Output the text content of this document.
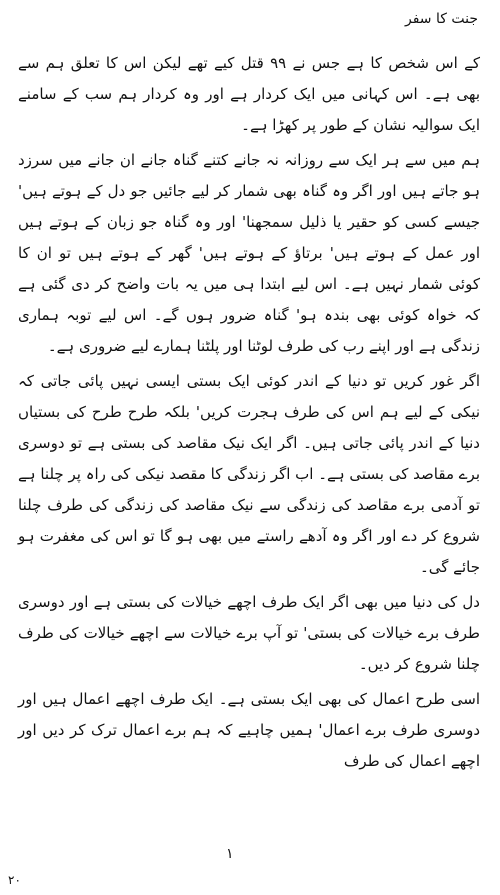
جنت کا سفر

کے اس شخص کا ہے جس نے ۹۹ قتل کیے تھے لیکن اس کا تعلق ہم سے بھی ہے۔ اس کہانی میں ایک کردار ہے اور وہ کردار ہم سب کے سامنے ایک سوالیہ نشان کے طور پر کھڑا ہے۔

ہم میں سے ہر ایک سے روزانہ نہ جانے کتنے گناہ جانے ان جانے میں سرزد ہو جاتے ہیں اور اگر وہ گناہ بھی شمار کر لیے جائیں جو دل کے ہوتے ہیں' جیسے کسی کو حقیر یا ذلیل سمجھنا' اور وہ گناہ جو زبان کے ہوتے ہیں اور عمل کے ہوتے ہیں' برتاؤ کے ہوتے ہیں' گھر کے ہوتے ہیں تو ان کا کوئی شمار نہیں ہے۔ اس لیے ابتدا ہی میں یہ بات واضح کر دی گئی ہے کہ خواہ کوئی بھی بندہ ہو' گناہ ضرور ہوں گے۔ اس لیے توبہ ہماری زندگی ہے اور اپنے رب کی طرف لوٹنا اور پلٹنا ہمارے لیے ضروری ہے۔

اگر غور کریں تو دنیا کے اندر کوئی ایک بستی ایسی نہیں پائی جاتی کہ نیکی کے لیے ہم اس کی طرف ہجرت کریں' بلکہ طرح طرح کی بستیاں دنیا کے اندر پائی جاتی ہیں۔ اگر ایک نیک مقاصد کی بستی ہے تو دوسری برے مقاصد کی بستی ہے۔ اب اگر زندگی کا مقصد نیکی کی راہ پر چلنا ہے تو آدمی برے مقاصد کی زندگی سے نیک مقاصد کی زندگی کی طرف چلنا شروع کر دے اور اگر وہ آدھے راستے میں بھی ہو گا تو اس کی مغفرت ہو جائے گی۔

دل کی دنیا میں بھی اگر ایک طرف اچھے خیالات کی بستی ہے اور دوسری طرف برے خیالات کی بستی' تو آپ برے خیالات سے اچھے خیالات کی طرف چلنا شروع کر دیں۔

اسی طرح اعمال کی بھی ایک بستی ہے۔ ایک طرف اچھے اعمال ہیں اور دوسری طرف برے اعمال' ہمیں چاہیے کہ ہم برے اعمال ترک کر دیں اور اچھے اعمال کی طرف

۱
۲۰
